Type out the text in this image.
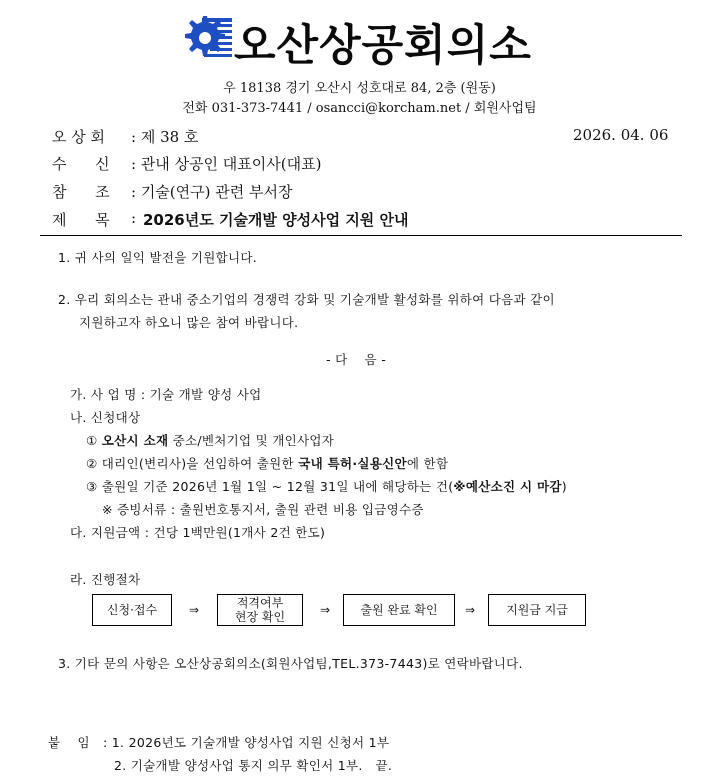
오산상공회의소
우 18138 경기 오산시 성호대로 84, 2층 (원동)
전화 031-373-7441 / osancci@korcham.net / 회원사업팀
오 상 회 : 제 38 호	2026. 04. 06
수      신 : 관내 상공인 대표이사(대표)
참      조 : 기술(연구) 관련 부서장
제      목 : 2026년도 기술개발 양성사업 지원 안내
1. 귀 사의 일익 발전을 기원합니다.
2. 우리 회의소는 관내 중소기업의 경쟁력 강화 및 기술개발 활성화를 위하여 다음과 같이
지원하고자 하오니 많은 참여 바랍니다.
- 다    음 -
가. 사 업 명 : 기술 개발 양성 사업
나. 신청대상
① 오산시 소재 중소/벤처기업 및 개인사업자
② 대리인(변리사)을 선임하여 출원한 국내 특허·실용신안에 한함
③ 출원일 기준 2026년 1월 1일 ~ 12월 31일 내에 해당하는 건(※예산소진 시 마감)
※ 증빙서류 : 출원번호통지서, 출원 관련 비용 입금영수증
다. 지원금액 : 건당 1백만원(1개사 2건 한도)
라. 진행절차
신청·접수	⇒	적격여부
현장 확인	⇒	출원 완료 확인	⇒	지원금 지급
3. 기타 문의 사항은 오산상공회의소(회원사업팀,TEL.373-7443)로 연락바랍니다.
붙    임 : 1. 2026년도 기술개발 양성사업 지원 신청서 1부
2. 기술개발 양성사업 통지 의무 확인서 1부.   끝.
